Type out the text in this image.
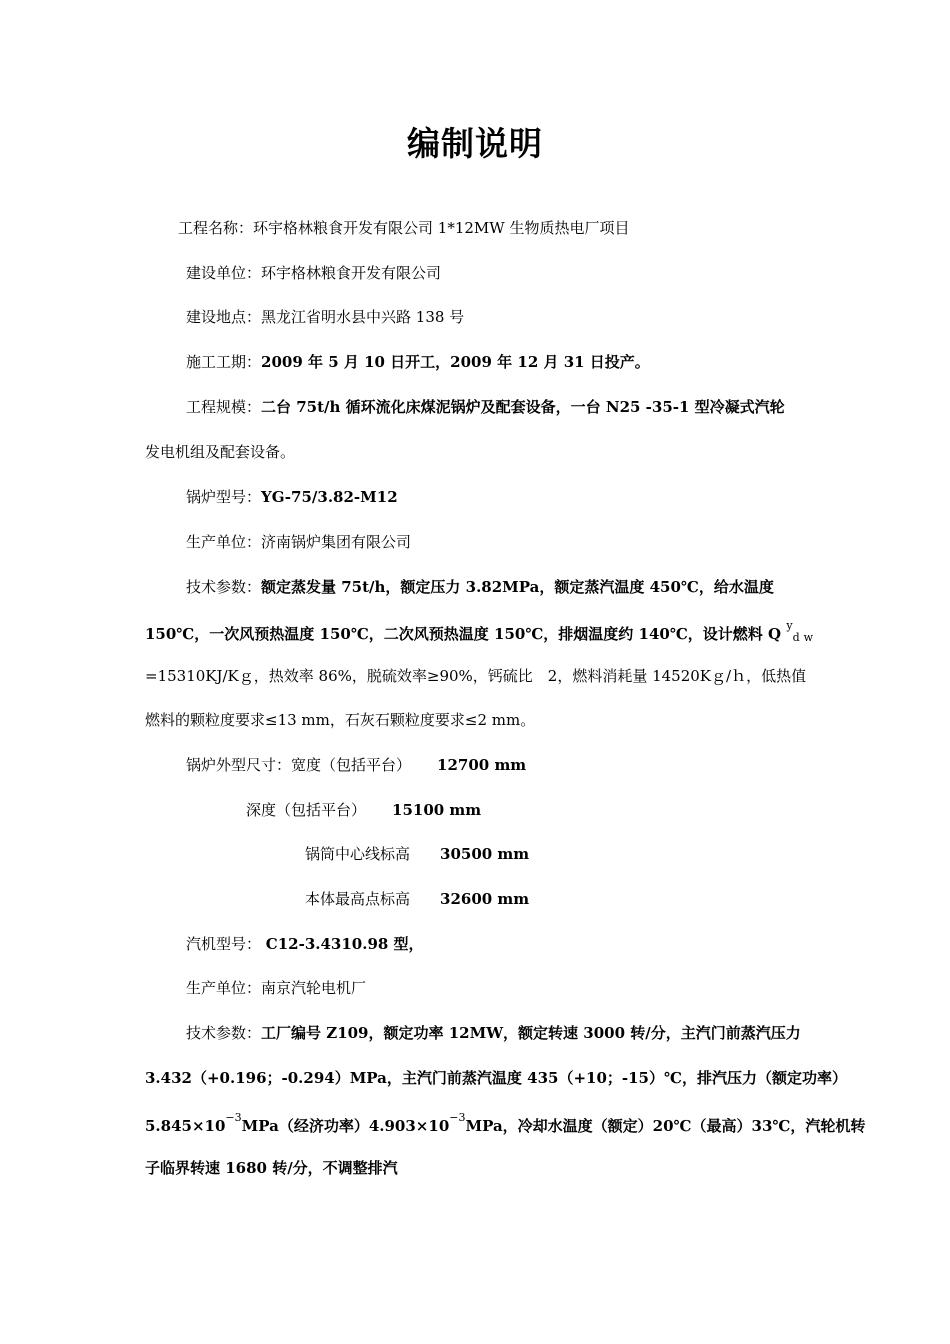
编制说明
工程名称：环宇格林粮食开发有限公司 1*12MW 生物质热电厂项目
建设单位：环宇格林粮食开发有限公司
建设地点：黑龙江省明水县中兴路 138 号
施工工期：2009 年 5 月 10 日开工，2009 年 12 月 31 日投产。
工程规模：二台 75t/h 循环流化床煤泥锅炉及配套设备，一台 N25 -35-1 型冷凝式汽轮
发电机组及配套设备。
锅炉型号：YG-75/3.82-M12
生产单位：济南锅炉集团有限公司
技术参数：额定蒸发量 75t/h，额定压力 3.82MPa，额定蒸汽温度 450℃，给水温度
150℃，一次风预热温度 150℃，二次风预热温度 150℃，排烟温度约 140℃，设计燃料 Q $^y$dw
=15310KJ/Kｇ，热效率 86%，脱硫效率≥90%，钙硫比　2，燃料消耗量 14520Kｇ/ｈ，低热值
燃料的颗粒度要求≤13 mm，石灰石颗粒度要求≤2 mm。
锅炉外型尺寸：宽度（包括平台） 12700 mm
深度（包括平台） 15100 mm
锅筒中心线标高 30500 mm
本体最高点标高 32600 mm
汽机型号： C12-3.4310.98 型，
生产单位：南京汽轮电机厂
技术参数：工厂编号 Z109，额定功率 12MW，额定转速 3000 转/分，主汽门前蒸汽压力
3.432（+0.196；-0.294）MPa，主汽门前蒸汽温度 435（+10；-15）℃，排汽压力（额定功率）
$5.845\times 10^{-3}MPa$（经济功率）$4.903\times 10^{-3}MPa$，冷却水温度（额定）20℃（最高）33℃，汽轮机转
子临界转速 1680 转/分，不调整排汽
